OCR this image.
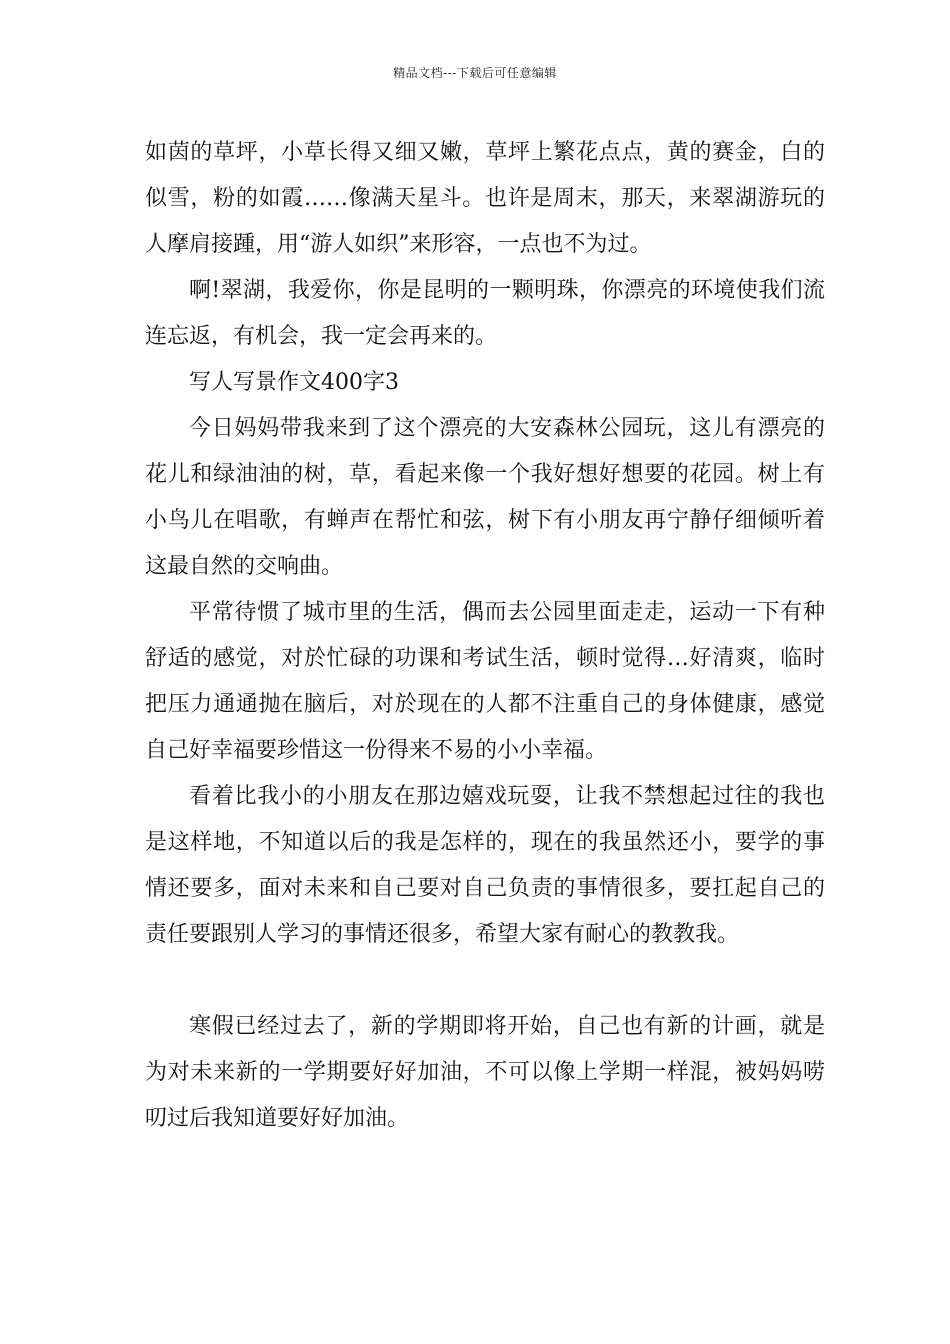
精品文档---下载后可任意编辑

如茵的草坪，小草长得又细又嫩，草坪上繁花点点，黄的赛金，白的似雪，粉的如霞……像满天星斗。也许是周末，那天，来翠湖游玩的人摩肩接踵，用“游人如织”来形容，一点也不为过。

啊!翠湖，我爱你，你是昆明的一颗明珠，你漂亮的环境使我们流连忘返，有机会，我一定会再来的。

写人写景作文400字3

今日妈妈带我来到了这个漂亮的大安森林公园玩，这儿有漂亮的花儿和绿油油的树，草，看起来像一个我好想好想要的花园。树上有小鸟儿在唱歌，有蝉声在帮忙和弦，树下有小朋友再宁静仔细倾听着这最自然的交响曲。

平常待惯了城市里的生活，偶而去公园里面走走，运动一下有种舒适的感觉，对於忙碌的功课和考试生活，顿时觉得…好清爽，临时把压力通通抛在脑后，对於现在的人都不注重自己的身体健康，感觉自己好幸福要珍惜这一份得来不易的小小幸福。

看着比我小的小朋友在那边嬉戏玩耍，让我不禁想起过往的我也是这样地，不知道以后的我是怎样的，现在的我虽然还小，要学的事情还要多，面对未来和自己要对自己负责的事情很多，要扛起自己的责任要跟别人学习的事情还很多，希望大家有耐心的教教我。

寒假已经过去了，新的学期即将开始，自己也有新的计画，就是为对未来新的一学期要好好加油，不可以像上学期一样混，被妈妈唠叨过后我知道要好好加油。
